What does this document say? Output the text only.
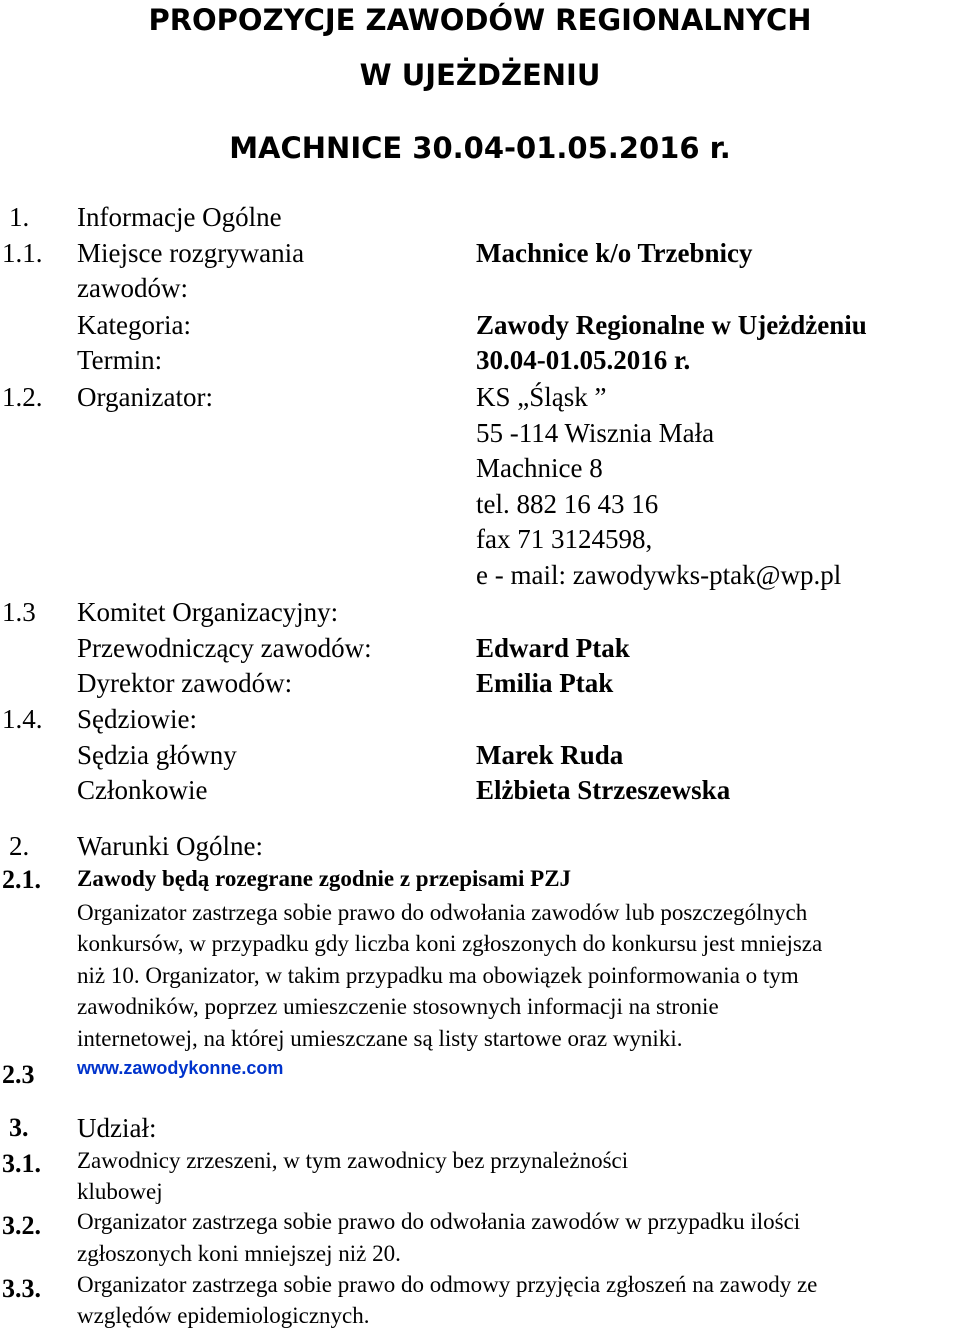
PROPOZYCJE ZAWODÓW REGIONALNYCH
W UJEŻDŻENIU
MACHNICE 30.04-01.05.2016 r.
1. Informacje Ogólne
1.1. Miejsce rozgrywania	Machnice k/o Trzebnicy
zawodów:
Kategoria:	Zawody Regionalne w Ujeżdżeniu
Termin:	30.04-01.05.2016 r.
1.2. Organizator:	KS „Śląsk ”
55 -114 Wisznia Mała
Machnice 8
tel. 882 16 43 16
fax 71 3124598,
e - mail: zawodywks-ptak@wp.pl
1.3 Komitet Organizacyjny:
Przewodniczący zawodów:	Edward Ptak
Dyrektor zawodów:	Emilia Ptak
1.4. Sędziowie:
Sędzia główny	Marek Ruda
Członkowie	Elżbieta Strzeszewska
2. Warunki Ogólne:
2.1. Zawody będą rozegrane zgodnie z przepisami PZJ
Organizator zastrzega sobie prawo do odwołania zawodów lub poszczególnych
konkursów, w przypadku gdy liczba koni zgłoszonych do konkursu jest mniejsza
niż 10. Organizator, w takim przypadku ma obowiązek poinformowania o tym
zawodników, poprzez umieszczenie stosownych informacji na stronie
internetowej, na której umieszczane są listy startowe oraz wyniki.
2.3 www.zawodykonne.com
3. Udział:
3.1. Zawodnicy zrzeszeni, w tym zawodnicy bez przynależności
klubowej
3.2. Organizator zastrzega sobie prawo do odwołania zawodów w przypadku ilości
zgłoszonych koni mniejszej niż 20.
3.3. Organizator zastrzega sobie prawo do odmowy przyjęcia zgłoszeń na zawody ze
względów epidemiologicznych.
